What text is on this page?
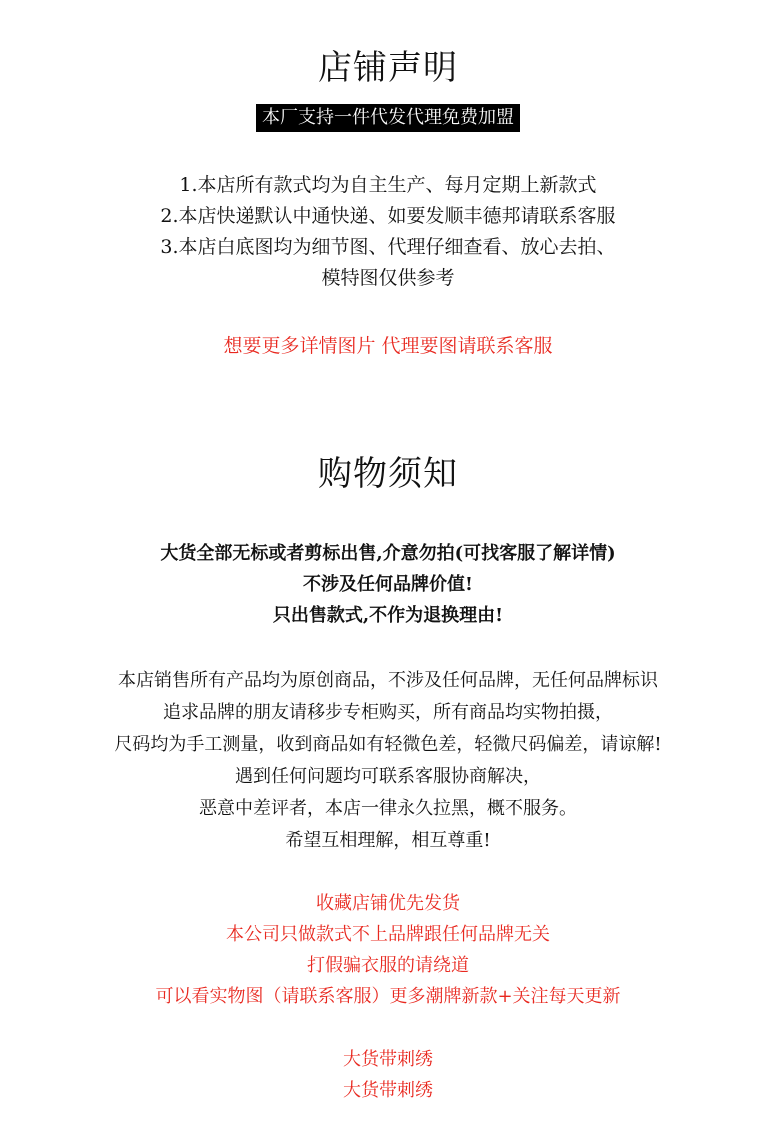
店铺声明
本厂支持一件代发代理免费加盟
1.本店所有款式均为自主生产、每月定期上新款式
2.本店快递默认中通快递、如要发顺丰德邦请联系客服
3.本店白底图均为细节图、代理仔细查看、放心去拍、
模特图仅供参考
想要更多详情图片 代理要图请联系客服
购物须知
大货全部无标或者剪标出售,介意勿拍(可找客服了解详情)
不涉及任何品牌价值!
只出售款式,不作为退换理由!
本店销售所有产品均为原创商品，不涉及任何品牌，无任何品牌标识
追求品牌的朋友请移步专柜购买，所有商品均实物拍摄，
尺码均为手工测量，收到商品如有轻微色差，轻微尺码偏差，请谅解!
遇到任何问题均可联系客服协商解决，
恶意中差评者，本店一律永久拉黑，概不服务。
希望互相理解，相互尊重!
收藏店铺优先发货
本公司只做款式不上品牌跟任何品牌无关
打假骗衣服的请绕道
可以看实物图（请联系客服）更多潮牌新款+关注每天更新
大货带刺绣
大货带刺绣
